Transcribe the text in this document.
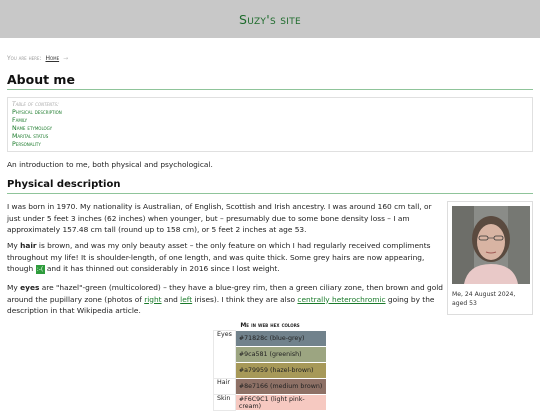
Suzy's site
You are here: Home →
About me
Table of contents:
Physical description
Family
Name etymology
Marital status
Personality

An introduction to me, both physical and psychological.

Physical description

I was born in 1970. My nationality is Australian, of English, Scottish and Irish ancestry. I was around 160 cm tall, or just under 5 feet 3 inches (62 inches) when younger, but – presumably due to some bone density loss – I am approximately 157.48 cm tall (round up to 158 cm), or 5 feet 2 inches at age 53.

My hair is brown, and was my only beauty asset – the only feature on which I had regularly received compliments throughout my life! It is shoulder-length, of one length, and was quite thick. Some grey hairs are now appearing, though :-( and it has thinned out considerably in 2016 since I lost weight.

My eyes are "hazel"-green (multicolored) – they have a blue-grey rim, then a green ciliary zone, then brown and gold around the pupillary zone (photos of right and left irises). I think they are also centrally heterochromic going by the description in that Wikipedia article.

Me, 24 August 2024, aged 53
Me in web hex colors
Eyes	#71828c (blue-grey)
	#9ca581 (greenish)
	#a79959 (hazel-brown)
Hair	#8e7166 (medium brown)
Skin	#F6C9C1 (light pink-cream)
